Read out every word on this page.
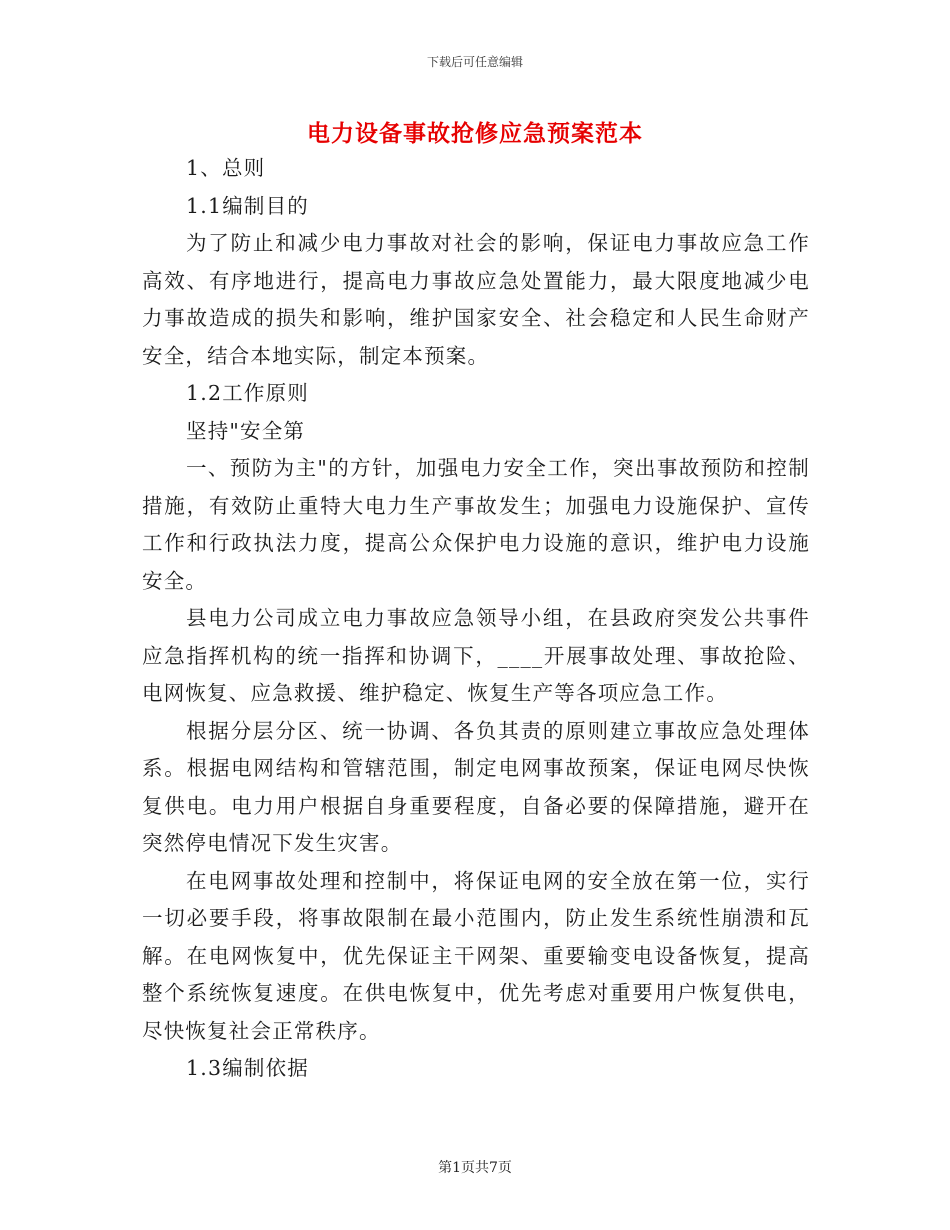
下载后可任意编辑
电力设备事故抢修应急预案范本

1、总则

1.1编制目的

为了防止和减少电力事故对社会的影响，保证电力事故应急工作高效、有序地进行，提高电力事故应急处置能力，最大限度地减少电力事故造成的损失和影响，维护国家安全、社会稳定和人民生命财产安全，结合本地实际，制定本预案。

1.2工作原则

坚持"安全第

一、预防为主"的方针，加强电力安全工作，突出事故预防和控制措施，有效防止重特大电力生产事故发生；加强电力设施保护、宣传工作和行政执法力度，提高公众保护电力设施的意识，维护电力设施安全。

县电力公司成立电力事故应急领导小组，在县政府突发公共事件应急指挥机构的统一指挥和协调下，____开展事故处理、事故抢险、电网恢复、应急救援、维护稳定、恢复生产等各项应急工作。

根据分层分区、统一协调、各负其责的原则建立事故应急处理体系。根据电网结构和管辖范围，制定电网事故预案，保证电网尽快恢复供电。电力用户根据自身重要程度，自备必要的保障措施，避开在突然停电情况下发生灾害。

在电网事故处理和控制中，将保证电网的安全放在第一位，实行一切必要手段，将事故限制在最小范围内，防止发生系统性崩溃和瓦解。在电网恢复中，优先保证主干网架、重要输变电设备恢复，提高整个系统恢复速度。在供电恢复中，优先考虑对重要用户恢复供电，尽快恢复社会正常秩序。

1.3编制依据

第1页共7页
